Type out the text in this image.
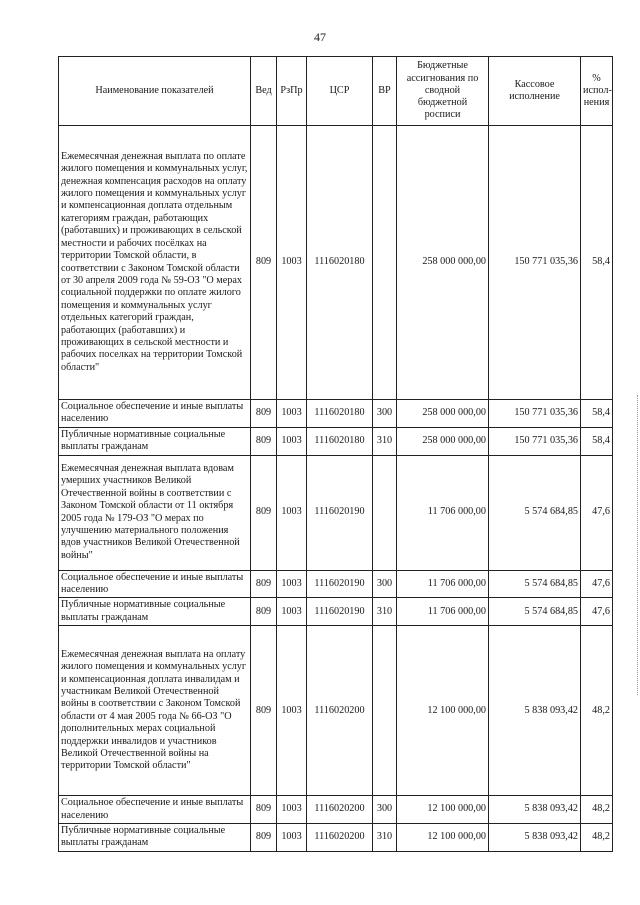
47
Наименование показателей	Вед	РзПр	ЦСР	ВР	Бюджетные ассигнования по сводной бюджетной росписи	Кассовое исполнение	% испол-нения
Ежемесячная денежная выплата по оплате жилого помещения и коммунальных услуг, денежная компенсация расходов на оплату жилого помещения и коммунальных услуг и компенсационная доплата отдельным категориям граждан, работающих (работавших) и проживающих в сельской местности и рабочих посёлках на территории Томской области, в соответствии с Законом Томской области от 30 апреля 2009 года № 59-ОЗ "О мерах социальной поддержки по оплате жилого помещения и коммунальных услуг отдельных категорий граждан, работающих (работавших) и проживающих в сельской местности и рабочих поселках на территории Томской области"	809	1003	1116020180		258 000 000,00	150 771 035,36	58,4
Социальное обеспечение и иные выплаты населению	809	1003	1116020180	300	258 000 000,00	150 771 035,36	58,4
Публичные нормативные социальные выплаты гражданам	809	1003	1116020180	310	258 000 000,00	150 771 035,36	58,4
Ежемесячная денежная выплата вдовам умерших участников Великой Отечественной войны в соответствии с Законом Томской области от 11 октября 2005 года № 179-ОЗ "О мерах по улучшению материального положения вдов участников Великой Отечественной войны"	809	1003	1116020190		11 706 000,00	5 574 684,85	47,6
Социальное обеспечение и иные выплаты населению	809	1003	1116020190	300	11 706 000,00	5 574 684,85	47,6
Публичные нормативные социальные выплаты гражданам	809	1003	1116020190	310	11 706 000,00	5 574 684,85	47,6
Ежемесячная денежная выплата на оплату жилого помещения и коммунальных услуг и компенсационная доплата инвалидам и участникам Великой Отечественной войны в соответствии с Законом Томской области от 4 мая 2005 года № 66-ОЗ "О дополнительных мерах социальной поддержки инвалидов и участников Великой Отечественной войны на территории Томской области"	809	1003	1116020200		12 100 000,00	5 838 093,42	48,2
Социальное обеспечение и иные выплаты населению	809	1003	1116020200	300	12 100 000,00	5 838 093,42	48,2
Публичные нормативные социальные выплаты гражданам	809	1003	1116020200	310	12 100 000,00	5 838 093,42	48,2
